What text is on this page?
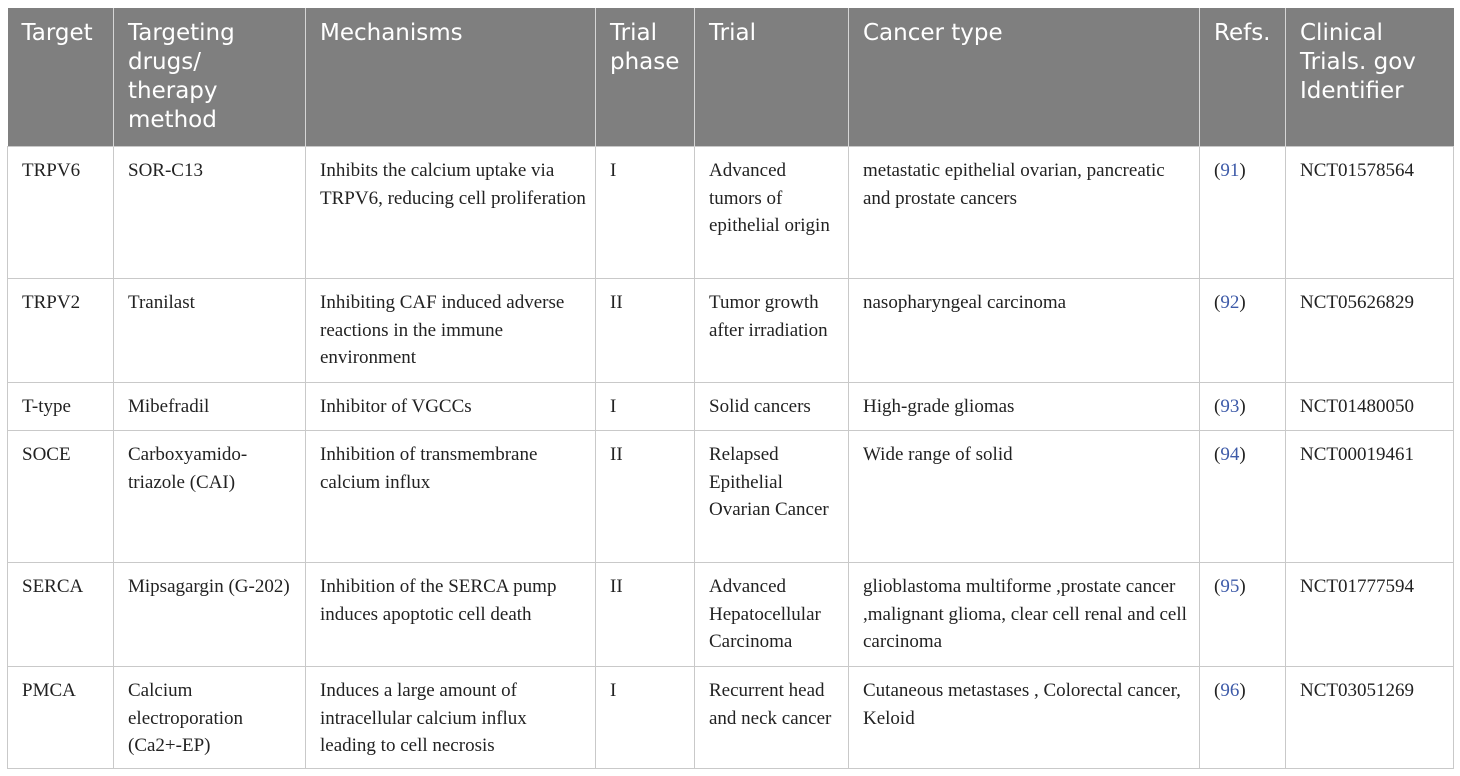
Target	Targeting drugs/ therapy method	Mechanisms	Trial phase	Trial	Cancer type	Refs.	Clinical Trials. gov Identifier
TRPV6	SOR-C13	Inhibits the calcium uptake via TRPV6, reducing cell proliferation	I	Advanced tumors of epithelial origin	metastatic epithelial ovarian, pancreatic and prostate cancers	(91)	NCT01578564
TRPV2	Tranilast	Inhibiting CAF induced adverse reactions in the immune environment	II	Tumor growth after irradiation	nasopharyngeal carcinoma	(92)	NCT05626829
T-type	Mibefradil	Inhibitor of VGCCs	I	Solid cancers	High-grade gliomas	(93)	NCT01480050
SOCE	Carboxyamido-triazole (CAI)	Inhibition of transmembrane calcium influx	II	Relapsed Epithelial Ovarian Cancer	Wide range of solid	(94)	NCT00019461
SERCA	Mipsagargin (G-202)	Inhibition of the SERCA pump induces apoptotic cell death	II	Advanced Hepatocellular Carcinoma	glioblastoma multiforme ,prostate cancer ,malignant glioma, clear cell renal and cell carcinoma	(95)	NCT01777594
PMCA	Calcium electroporation (Ca2+-EP)	Induces a large amount of intracellular calcium influx leading to cell necrosis	I	Recurrent head and neck cancer	Cutaneous metastases , Colorectal cancer, Keloid	(96)	NCT03051269
